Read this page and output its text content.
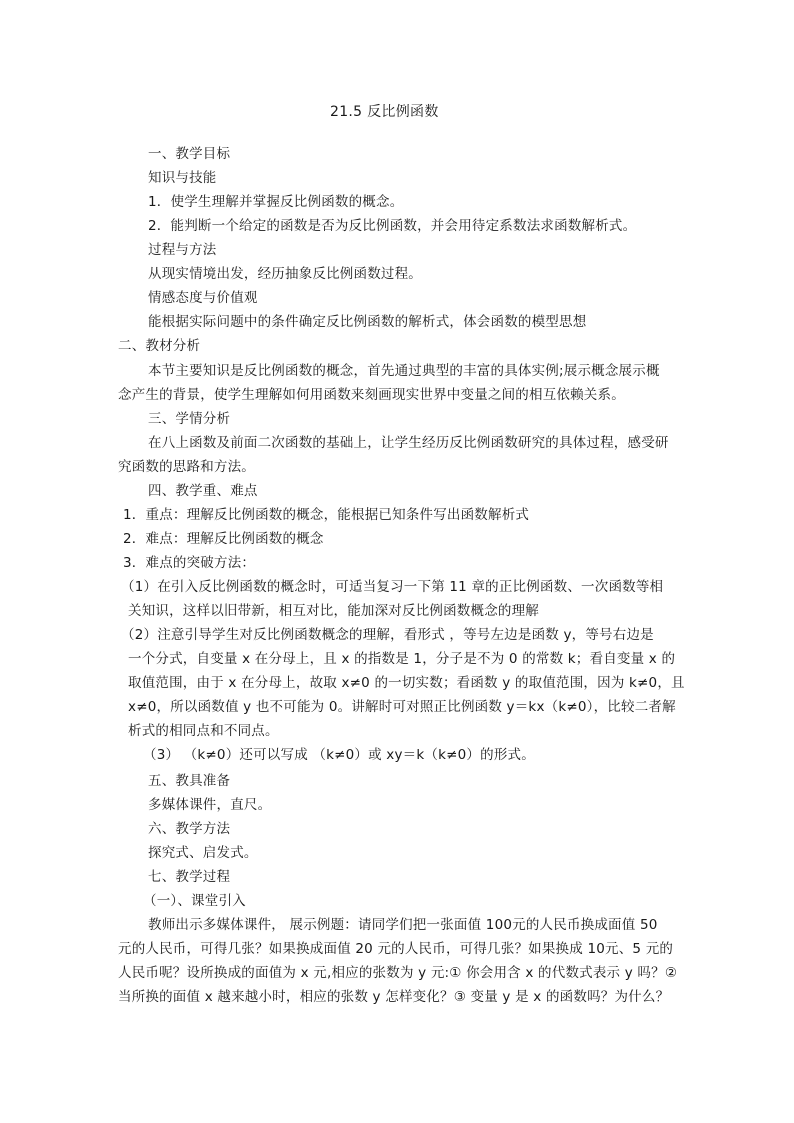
21.5 反比例函数
一、教学目标
知识与技能
1．使学生理解并掌握反比例函数的概念。
2．能判断一个给定的函数是否为反比例函数，并会用待定系数法求函数解析式。
过程与方法
从现实情境出发，经历抽象反比例函数过程。
情感态度与价值观
能根据实际问题中的条件确定反比例函数的解析式，体会函数的模型思想
二、教材分析
本节主要知识是反比例函数的概念，首先通过典型的丰富的具体实例;展示概念展示概
念产生的背景，使学生理解如何用函数来刻画现实世界中变量之间的相互依赖关系。
三、学情分析
在八上函数及前面二次函数的基础上，让学生经历反比例函数研究的具体过程，感受研
究函数的思路和方法。
四、教学重、难点
1．重点：理解反比例函数的概念，能根据已知条件写出函数解析式
2．难点：理解反比例函数的概念
3．难点的突破方法：
（1）在引入反比例函数的概念时，可适当复习一下第 11 章的正比例函数、一次函数等相
关知识，这样以旧带新，相互对比，能加深对反比例函数概念的理解
（2）注意引导学生对反比例函数概念的理解，看形式 ，等号左边是函数 y，等号右边是
一个分式，自变量 x 在分母上，且 x 的指数是 1，分子是不为 0 的常数 k；看自变量 x 的
取值范围，由于 x 在分母上，故取 x≠0 的一切实数；看函数 y 的取值范围，因为 k≠0，且
x≠0，所以函数值 y 也不可能为 0。讲解时可对照正比例函数 y＝kx（k≠0），比较二者解
析式的相同点和不同点。
（3） （k≠0）还可以写成 （k≠0）或 xy＝k（k≠0）的形式。
五、教具准备
多媒体课件，直尺。
六、教学方法
探究式、启发式。
七、教学过程
（一）、课堂引入
教师出示多媒体课件， 展示例题：请同学们把一张面值 100元的人民币换成面值 50
元的人民币，可得几张？如果换成面值 20 元的人民币，可得几张？如果换成 10元、5 元的
人民币呢？设所换成的面值为 x 元,相应的张数为 y 元:① 你会用含 x 的代数式表示 y 吗？②
当所换的面值 x 越来越小时，相应的张数 y 怎样变化？③ 变量 y 是 x 的函数吗？为什么？
